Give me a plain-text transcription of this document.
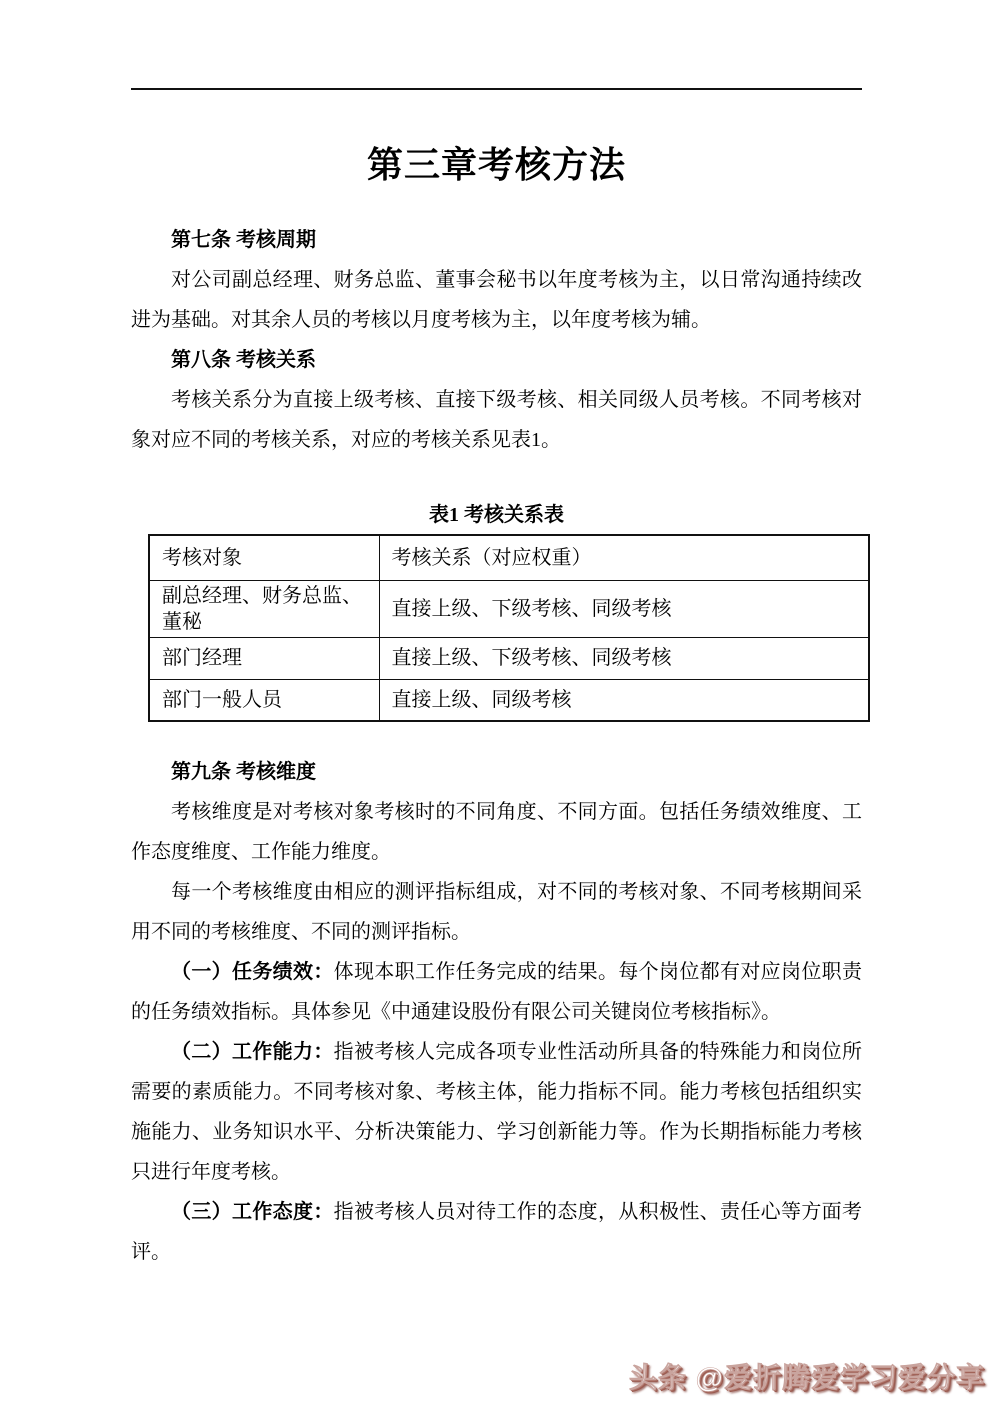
第三章考核方法
第七条 考核周期

对公司副总经理、财务总监、董事会秘书以年度考核为主，以日常沟通持续改进为基础。对其余人员的考核以月度考核为主，以年度考核为辅。

第八条 考核关系

考核关系分为直接上级考核、直接下级考核、相关同级人员考核。不同考核对象对应不同的考核关系，对应的考核关系见表1。

表1 考核关系表
考核对象	考核关系（对应权重）
副总经理、财务总监、董秘	直接上级、下级考核、同级考核
部门经理	直接上级、下级考核、同级考核
部门一般人员	直接上级、同级考核
第九条 考核维度

考核维度是对考核对象考核时的不同角度、不同方面。包括任务绩效维度、工作态度维度、工作能力维度。

每一个考核维度由相应的测评指标组成，对不同的考核对象、不同考核期间采用不同的考核维度、不同的测评指标。

（一）任务绩效：体现本职工作任务完成的结果。每个岗位都有对应岗位职责的任务绩效指标。具体参见《中通建设股份有限公司关键岗位考核指标》。

（二）工作能力：指被考核人完成各项专业性活动所具备的特殊能力和岗位所需要的素质能力。不同考核对象、考核主体，能力指标不同。能力考核包括组织实施能力、业务知识水平、分析决策能力、学习创新能力等。作为长期指标能力考核只进行年度考核。

（三）工作态度：指被考核人员对待工作的态度，从积极性、责任心等方面考评。

头条 @爱折腾爱学习爱分享
